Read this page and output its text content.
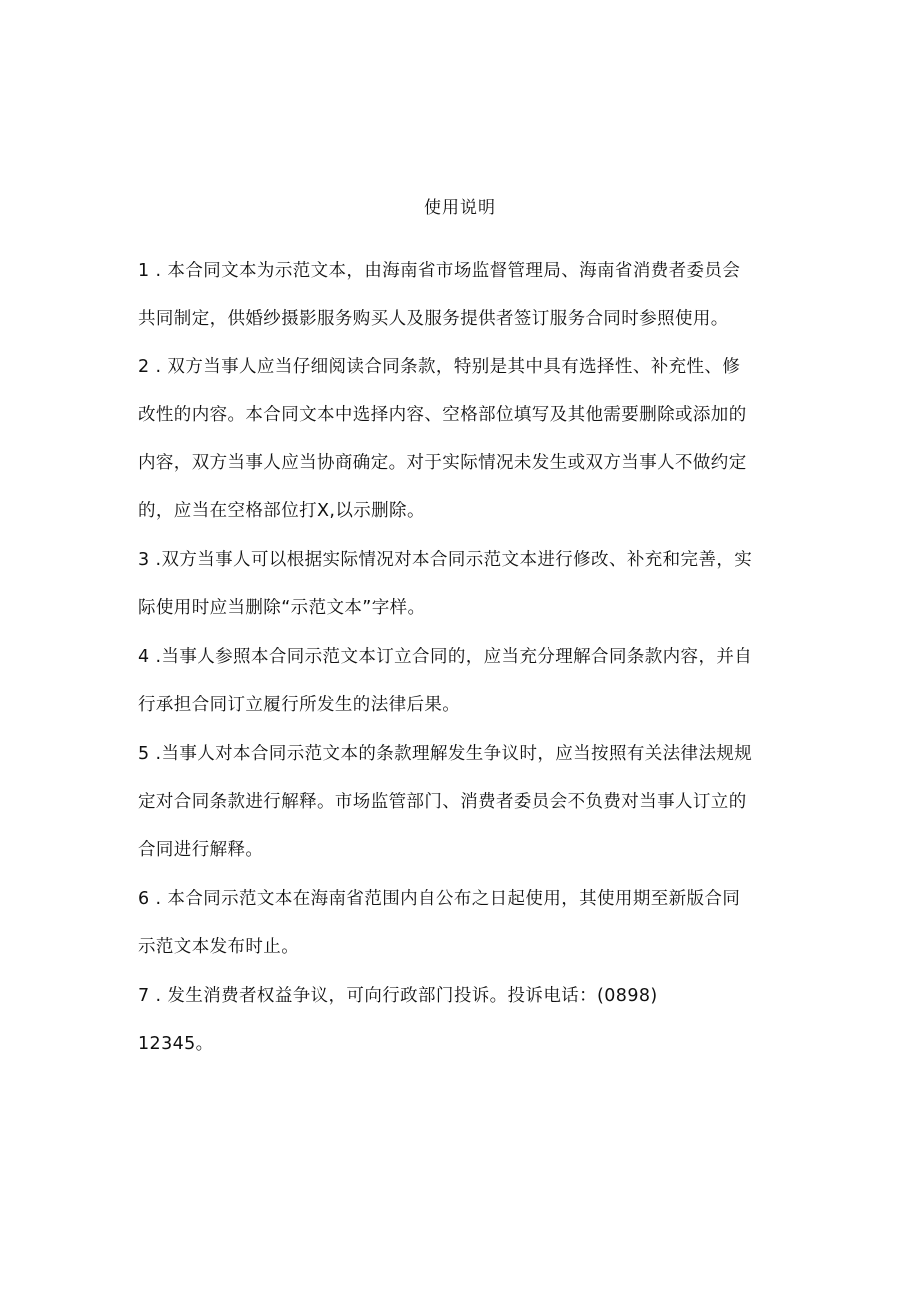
使用说明
1 . 本合同文本为示范文本，由海南省市场监督管理局、海南省消费者委员会
共同制定，供婚纱摄影服务购买人及服务提供者签订服务合同时参照使用。
2 . 双方当事人应当仔细阅读合同条款，特别是其中具有选择性、补充性、修
改性的内容。本合同文本中选择内容、空格部位填写及其他需要删除或添加的
内容，双方当事人应当协商确定。对于实际情况未发生或双方当事人不做约定
的，应当在空格部位打X,以示删除。
3 .双方当事人可以根据实际情况对本合同示范文本进行修改、补充和完善，实
际使用时应当删除“示范文本”字样。
4 .当事人参照本合同示范文本订立合同的，应当充分理解合同条款内容，并自
行承担合同订立履行所发生的法律后果。
5 .当事人对本合同示范文本的条款理解发生争议时，应当按照有关法律法规规
定对合同条款进行解释。市场监管部门、消费者委员会不负费对当事人订立的
合同进行解释。
6 . 本合同示范文本在海南省范围内自公布之日起使用，其使用期至新版合同
示范文本发布时止。
7 . 发生消费者权益争议，可向行政部门投诉。投诉电话：(0898)
12345。
